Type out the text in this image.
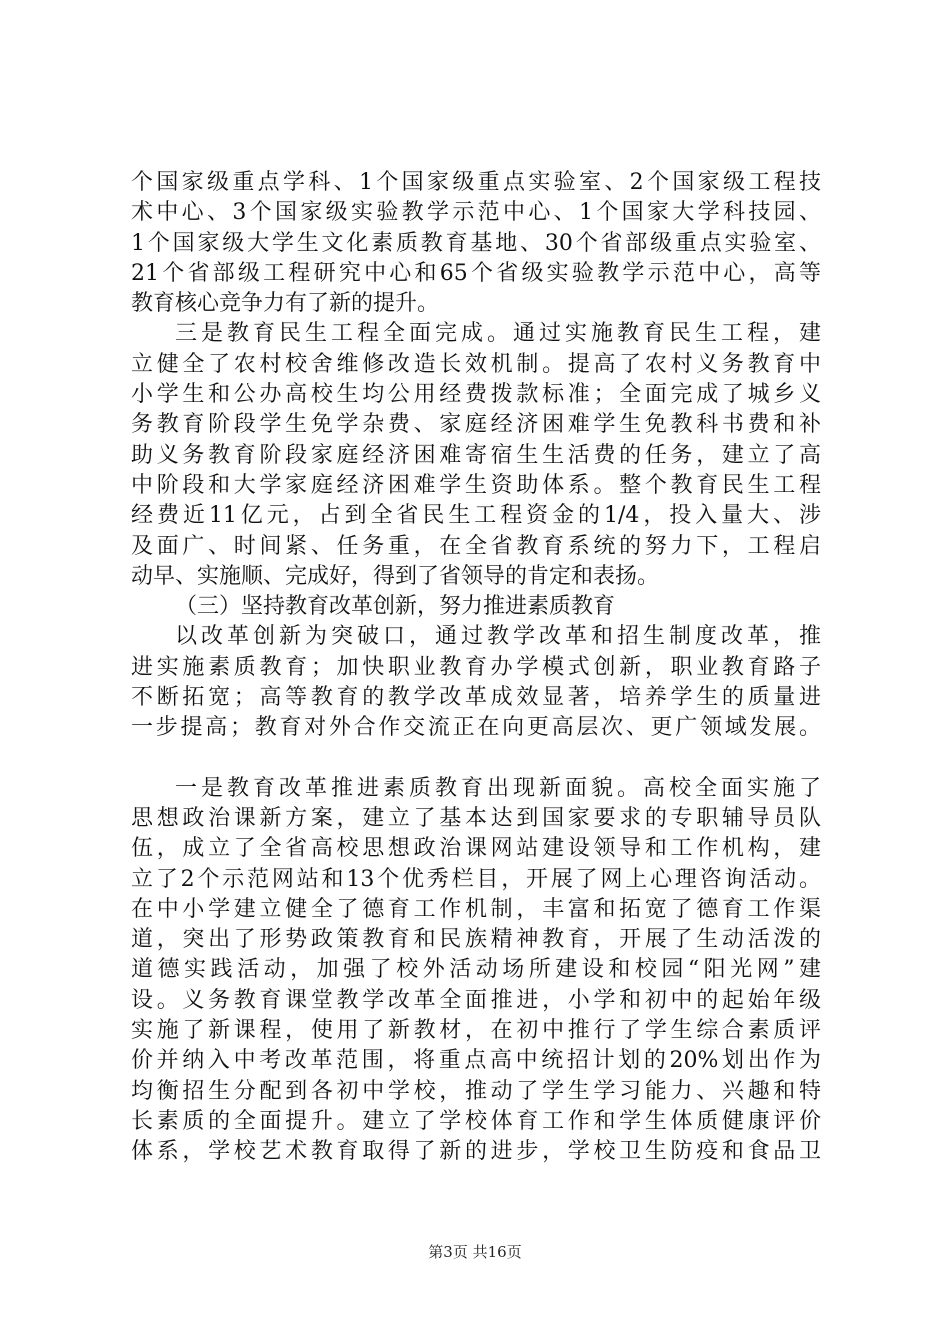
个国家级重点学科、1个国家级重点实验室、2个国家级工程技
术中心、3个国家级实验教学示范中心、1个国家大学科技园、
1个国家级大学生文化素质教育基地、30个省部级重点实验室、
21个省部级工程研究中心和65个省级实验教学示范中心，高等
教育核心竞争力有了新的提升。
三是教育民生工程全面完成。通过实施教育民生工程，建
立健全了农村校舍维修改造长效机制。提高了农村义务教育中
小学生和公办高校生均公用经费拨款标准；全面完成了城乡义
务教育阶段学生免学杂费、家庭经济困难学生免教科书费和补
助义务教育阶段家庭经济困难寄宿生生活费的任务，建立了高
中阶段和大学家庭经济困难学生资助体系。整个教育民生工程
经费近11亿元，占到全省民生工程资金的1/4，投入量大、涉
及面广、时间紧、任务重，在全省教育系统的努力下，工程启
动早、实施顺、完成好，得到了省领导的肯定和表扬。
（三）坚持教育改革创新，努力推进素质教育
以改革创新为突破口，通过教学改革和招生制度改革，推
进实施素质教育；加快职业教育办学模式创新，职业教育路子
不断拓宽；高等教育的教学改革成效显著，培养学生的质量进
一步提高；教育对外合作交流正在向更高层次、更广领域发展。
一是教育改革推进素质教育出现新面貌。高校全面实施了
思想政治课新方案，建立了基本达到国家要求的专职辅导员队
伍，成立了全省高校思想政治课网站建设领导和工作机构，建
立了2个示范网站和13个优秀栏目，开展了网上心理咨询活动。
在中小学建立健全了德育工作机制，丰富和拓宽了德育工作渠
道，突出了形势政策教育和民族精神教育，开展了生动活泼的
道德实践活动，加强了校外活动场所建设和校园“阳光网”建
设。义务教育课堂教学改革全面推进，小学和初中的起始年级
实施了新课程，使用了新教材，在初中推行了学生综合素质评
价并纳入中考改革范围，将重点高中统招计划的20%划出作为
均衡招生分配到各初中学校，推动了学生学习能力、兴趣和特
长素质的全面提升。建立了学校体育工作和学生体质健康评价
体系，学校艺术教育取得了新的进步，学校卫生防疫和食品卫
第3页 共16页
